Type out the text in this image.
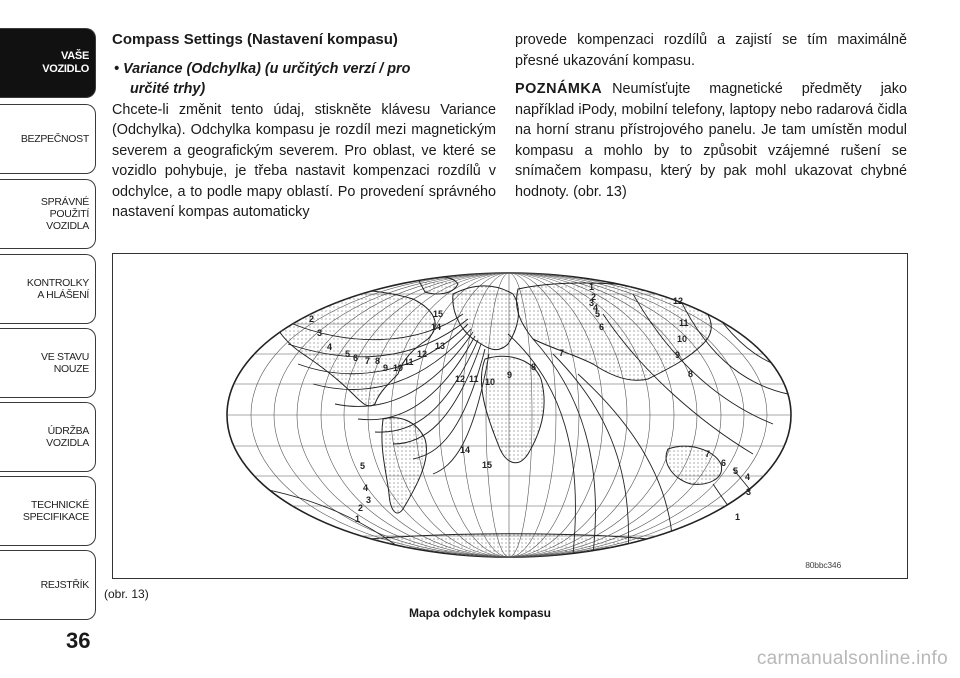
VAŠE
VOZIDLO
BEZPEČNOST
SPRÁVNÉ
POUŽITÍ
VOZIDLA
KONTROLKY
A HLÁŠENÍ
VE STAVU
NOUZE
ÚDRŽBA
VOZIDLA
TECHNICKÉ
SPECIFIKACE
REJSTŘÍK
Compass Settings (Nastavení kompasu)
• Variance (Odchylka) (u určitých verzí / pro
určité trhy)

Chcete-li změnit tento údaj, stiskněte klávesu Variance (Odchylka). Odchylka kompasu je rozdíl mezi magnetickým severem a geografickým severem. Pro oblast, ve které se vozidlo pohybuje, je třeba nastavit kompenzaci rozdílů v odchylce, a to podle mapy oblastí. Po provedení správného nastavení kompas automaticky

provede kompenzaci rozdílů a zajistí se tím maximálně přesné ukazování kompasu.

POZNÁMKA Neumísťujte magnetické předměty jako například iPody, mobilní telefony, laptopy nebo radarová čidla na horní stranu přístrojového panelu. Je tam umístěn modul kompasu a mohlo by to způsobit vzájemné rušení se snímačem kompasu, který by pak mohl ukazovat chybné hodnoty. (obr. 13)

2
3
4
5 6 7 8
9 10
11
12
13
14
15
12 11 10
9
8
7
1
2
3
4
5
6
12
11
10
9
8
14
15
5
4
3
2
1
7
6
5
4
3
1
80bbc346
(obr. 13)
Mapa odchylek kompasu
36
carmanualsonline.info
